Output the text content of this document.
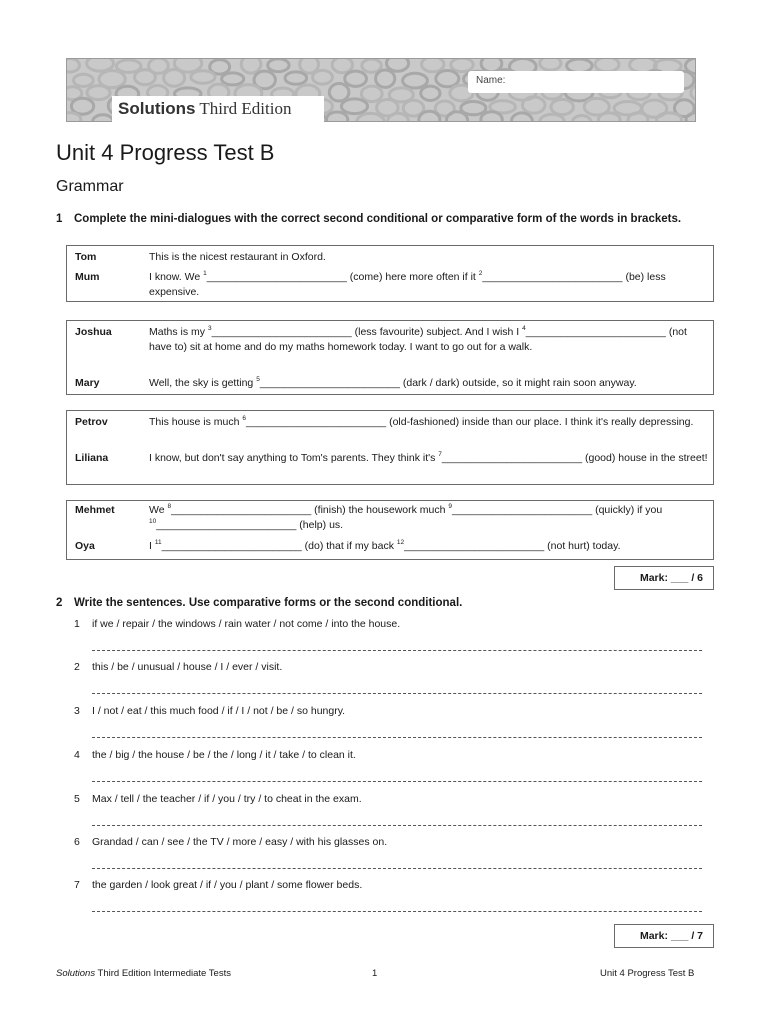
Name:
Solutions Third Edition
Unit 4 Progress Test B
Grammar
1 Complete the mini-dialogues with the correct second conditional or comparative form of the words in brackets.
Tom	This is the nicest restaurant in Oxford.
Mum	I know. We $^1$________________________ (come) here more often if it $^2$________________________ (be) less expensive.
Joshua	Maths is my $^3$________________________ (less favourite) subject. And I wish I $^4$________________________ (not have to) sit at home and do my maths homework today. I want to go out for a walk.
Mary	Well, the sky is getting $^5$________________________ (dark / dark) outside, so it might rain soon anyway.
Petrov	This house is much $^6$________________________ (old-fashioned) inside than our place. I think it's really depressing.
Liliana	I know, but don't say anything to Tom's parents. They think it's $^7$________________________ (good) house in the street!
Mehmet	We $^8$________________________ (finish) the housework much $^9$________________________ (quickly) if you $^{10}$________________________ (help) us.
Oya	I $^{11}$________________________ (do) that if my back $^{12}$________________________ (not hurt) today.
Mark: ___ / 6
2 Write the sentences. Use comparative forms or the second conditional.
1 if we / repair / the windows / rain water / not come / into the house.
2 this / be / unusual / house / I / ever / visit.
3 I / not / eat / this much food / if / I / not / be / so hungry.
4 the / big / the house / be / the / long / it / take / to clean it.
5 Max / tell / the teacher / if / you / try / to cheat in the exam.
6 Grandad / can / see / the TV / more / easy / with his glasses on.
7 the garden / look great / if / you / plant / some flower beds.
Mark: ___ / 7
Solutions Third Edition Intermediate Tests	1	Unit 4 Progress Test B
